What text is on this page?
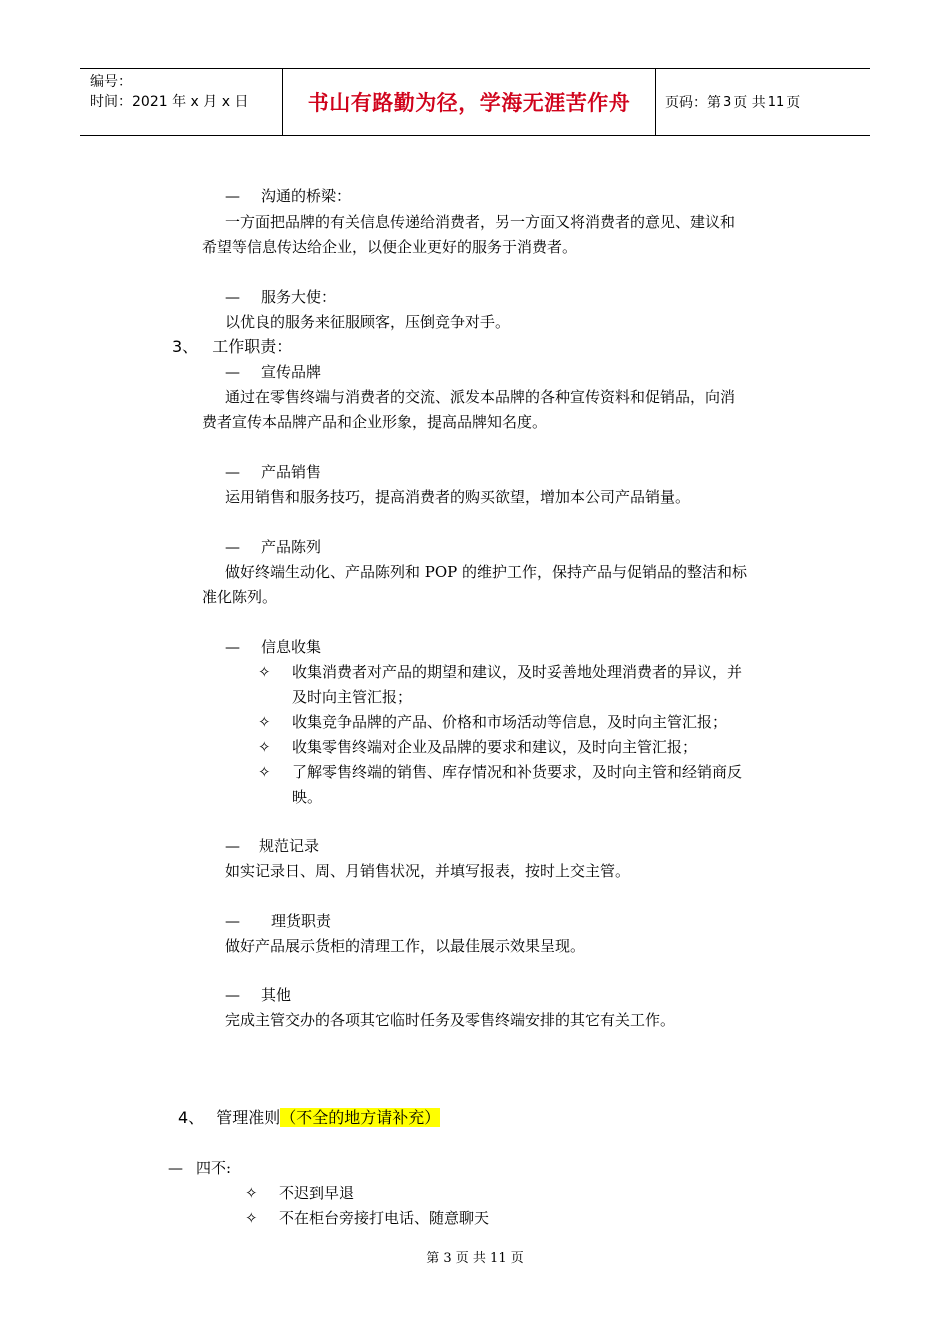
编号：
时间：2021 年 x 月 x 日	书山有路勤为径，学海无涯苦作舟	页码：第 3 页 共 11 页
— 沟通的桥梁：
一方面把品牌的有关信息传递给消费者，另一方面又将消费者的意见、建议和
希望等信息传达给企业，以便企业更好的服务于消费者。
— 服务大使：
以优良的服务来征服顾客，压倒竞争对手。
3、 工作职责：
— 宣传品牌
通过在零售终端与消费者的交流、派发本品牌的各种宣传资料和促销品，向消
费者宣传本品牌产品和企业形象，提高品牌知名度。
— 产品销售
运用销售和服务技巧，提高消费者的购买欲望，增加本公司产品销量。
— 产品陈列
做好终端生动化、产品陈列和 POP 的维护工作，保持产品与促销品的整洁和标
准化陈列。
— 信息收集
✧ 收集消费者对产品的期望和建议，及时妥善地处理消费者的异议，并
及时向主管汇报；
✧ 收集竞争品牌的产品、价格和市场活动等信息，及时向主管汇报；
✧ 收集零售终端对企业及品牌的要求和建议，及时向主管汇报；
✧ 了解零售终端的销售、库存情况和补货要求，及时向主管和经销商反
映。
— 规范记录
如实记录日、周、月销售状况，并填写报表，按时上交主管。
— 理货职责
做好产品展示货柜的清理工作，以最佳展示效果呈现。
— 其他
完成主管交办的各项其它临时任务及零售终端安排的其它有关工作。
4、 管理准则（不全的地方请补充）
— 四不:
✧ 不迟到早退
✧ 不在柜台旁接打电话、随意聊天
第 3 页 共 11 页
